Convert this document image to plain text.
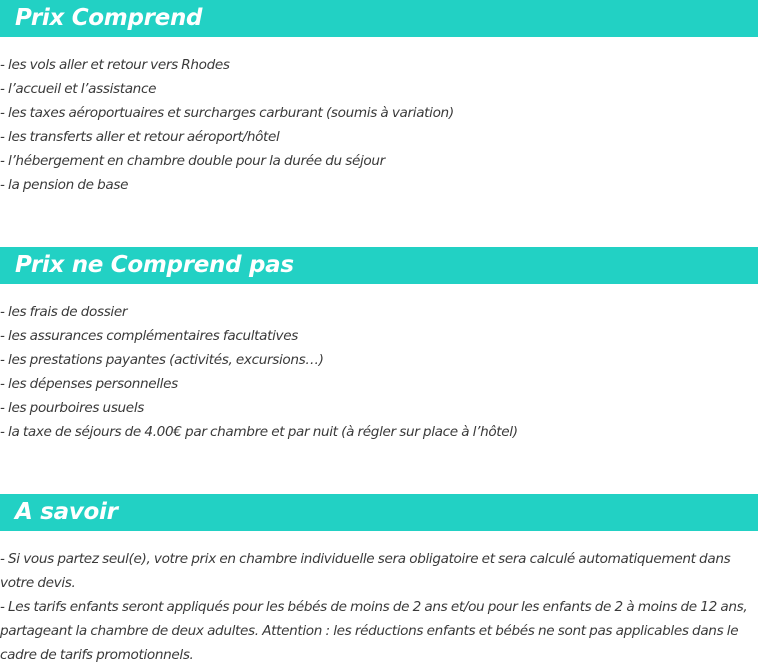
Prix Comprend
- les vols aller et retour vers Rhodes
- l’accueil et l’assistance
- les taxes aéroportuaires et surcharges carburant (soumis à variation)
- les transferts aller et retour aéroport/hôtel
- l’hébergement en chambre double pour la durée du séjour
- la pension de base
Prix ne Comprend pas
- les frais de dossier
- les assurances complémentaires facultatives
- les prestations payantes (activités, excursions…)
- les dépenses personnelles
- les pourboires usuels
- la taxe de séjours de 4.00€ par chambre et par nuit (à régler sur place à l’hôtel)
A savoir

- Si vous partez seul(e), votre prix en chambre individuelle sera obligatoire et sera calculé automatiquement dans votre devis.

- Les tarifs enfants seront appliqués pour les bébés de moins de 2 ans et/ou pour les enfants de 2 à moins de 12 ans, partageant la chambre de deux adultes. Attention : les réductions enfants et bébés ne sont pas applicables dans le cadre de tarifs promotionnels.
